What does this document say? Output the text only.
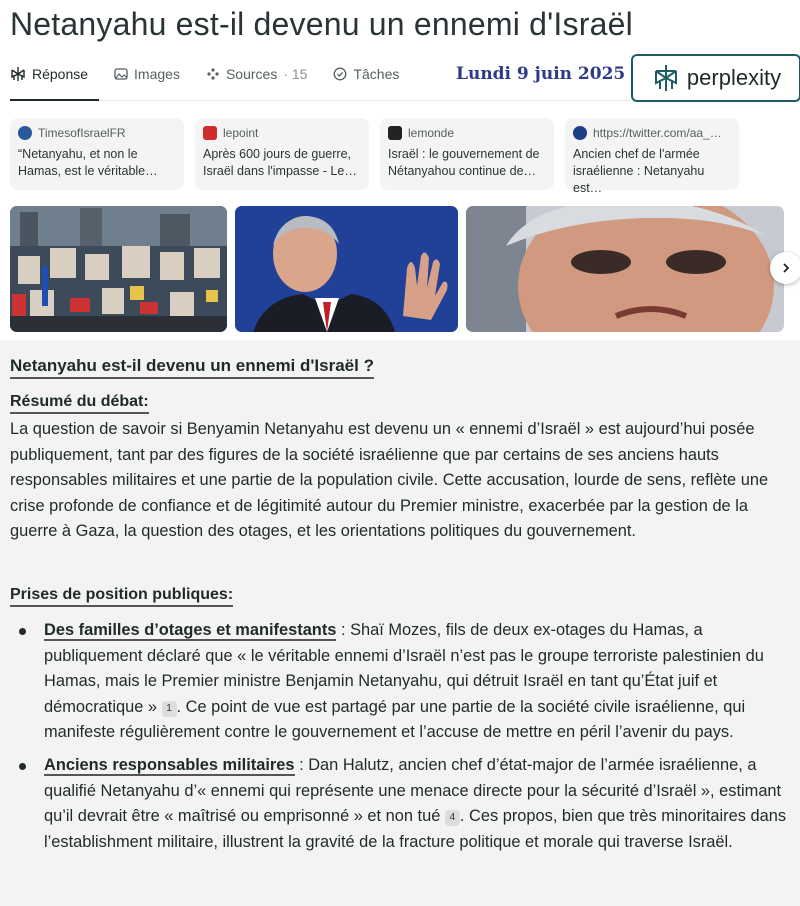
Netanyahu est-il devenu un ennemi d'Israël
Réponse	Images	Sources · 15	Tâches	Lundi 9 juin 2025	perplexity
TimesofIsraelFR
“Netanyahu, et non le Hamas, est le véritable…
lepoint
Après 600 jours de guerre, Israël dans l'impasse - Le…
lemonde
Israël : le gouvernement de Nétanyahou continue de…
https://twitter.com/aa_…
Ancien chef de l'armée israélienne : Netanyahu est…
Netanyahu est-il devenu un ennemi d'Israël ?
Résumé du débat:
La question de savoir si Benyamin Netanyahu est devenu un « ennemi d’Israël » est aujourd’hui posée publiquement, tant par des figures de la société israélienne que par certains de ses anciens hauts responsables militaires et une partie de la population civile. Cette accusation, lourde de sens, reflète une crise profonde de confiance et de légitimité autour du Premier ministre, exacerbée par la gestion de la guerre à Gaza, la question des otages, et les orientations politiques du gouvernement.
Prises de position publiques:
Des familles d’otages et manifestants : Shaï Mozes, fils de deux ex-otages du Hamas, a publiquement déclaré que « le véritable ennemi d’Israël n’est pas le groupe terroriste palestinien du Hamas, mais le Premier ministre Benjamin Netanyahu, qui détruit Israël en tant qu’État juif et démocratique » 1 . Ce point de vue est partagé par une partie de la société civile israélienne, qui manifeste régulièrement contre le gouvernement et l’accuse de mettre en péril l’avenir du pays.
Anciens responsables militaires : Dan Halutz, ancien chef d’état-major de l’armée israélienne, a qualifié Netanyahu d’« ennemi qui représente une menace directe pour la sécurité d’Israël », estimant qu’il devrait être « maîtrisé ou emprisonné » et non tué 4 . Ces propos, bien que très minoritaires dans l’establishment militaire, illustrent la gravité de la fracture politique et morale qui traverse Israël.
